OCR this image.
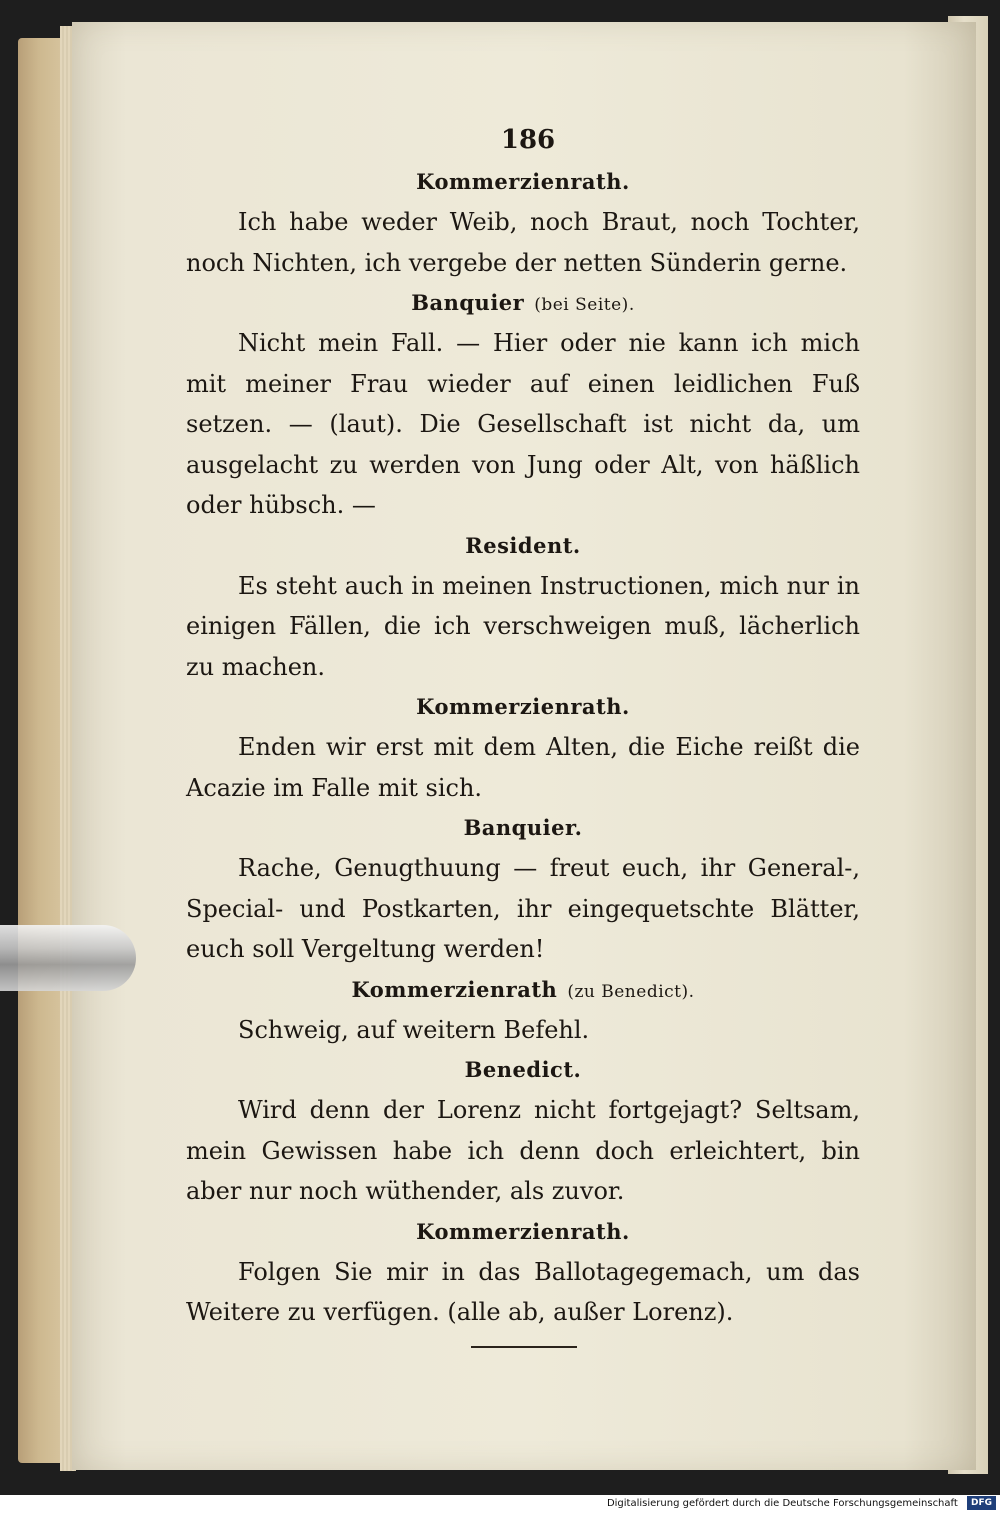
186
Kommerzienrath.

Ich habe weder Weib, noch Braut, noch Tochter, noch Nichten, ich vergebe der netten Sünderin gerne.

Banquier (bei Seite).

Nicht mein Fall. — Hier oder nie kann ich mich mit meiner Frau wieder auf einen leidlichen Fuß setzen. — (laut). Die Gesellschaft ist nicht da, um ausgelacht zu werden von Jung oder Alt, von häßlich oder hübsch. —

Resident.

Es steht auch in meinen Instructionen, mich nur in einigen Fällen, die ich verschweigen muß, lächerlich zu machen.

Kommerzienrath.

Enden wir erst mit dem Alten, die Eiche reißt die Acazie im Falle mit sich.

Banquier.

Rache, Genugthuung — freut euch, ihr General-, Special- und Postkarten, ihr eingequetschte Blätter, euch soll Vergeltung werden!

Kommerzienrath (zu Benedict).

Schweig, auf weitern Befehl.

Benedict.

Wird denn der Lorenz nicht fortgejagt? Seltsam, mein Gewissen habe ich denn doch erleichtert, bin aber nur noch wüthender, als zuvor.

Kommerzienrath.

Folgen Sie mir in das Ballotagegemach, um das Weitere zu verfügen. (alle ab, außer Lorenz).

Digitalisierung gefördert durch die Deutsche Forschungsgemeinschaft DFG
